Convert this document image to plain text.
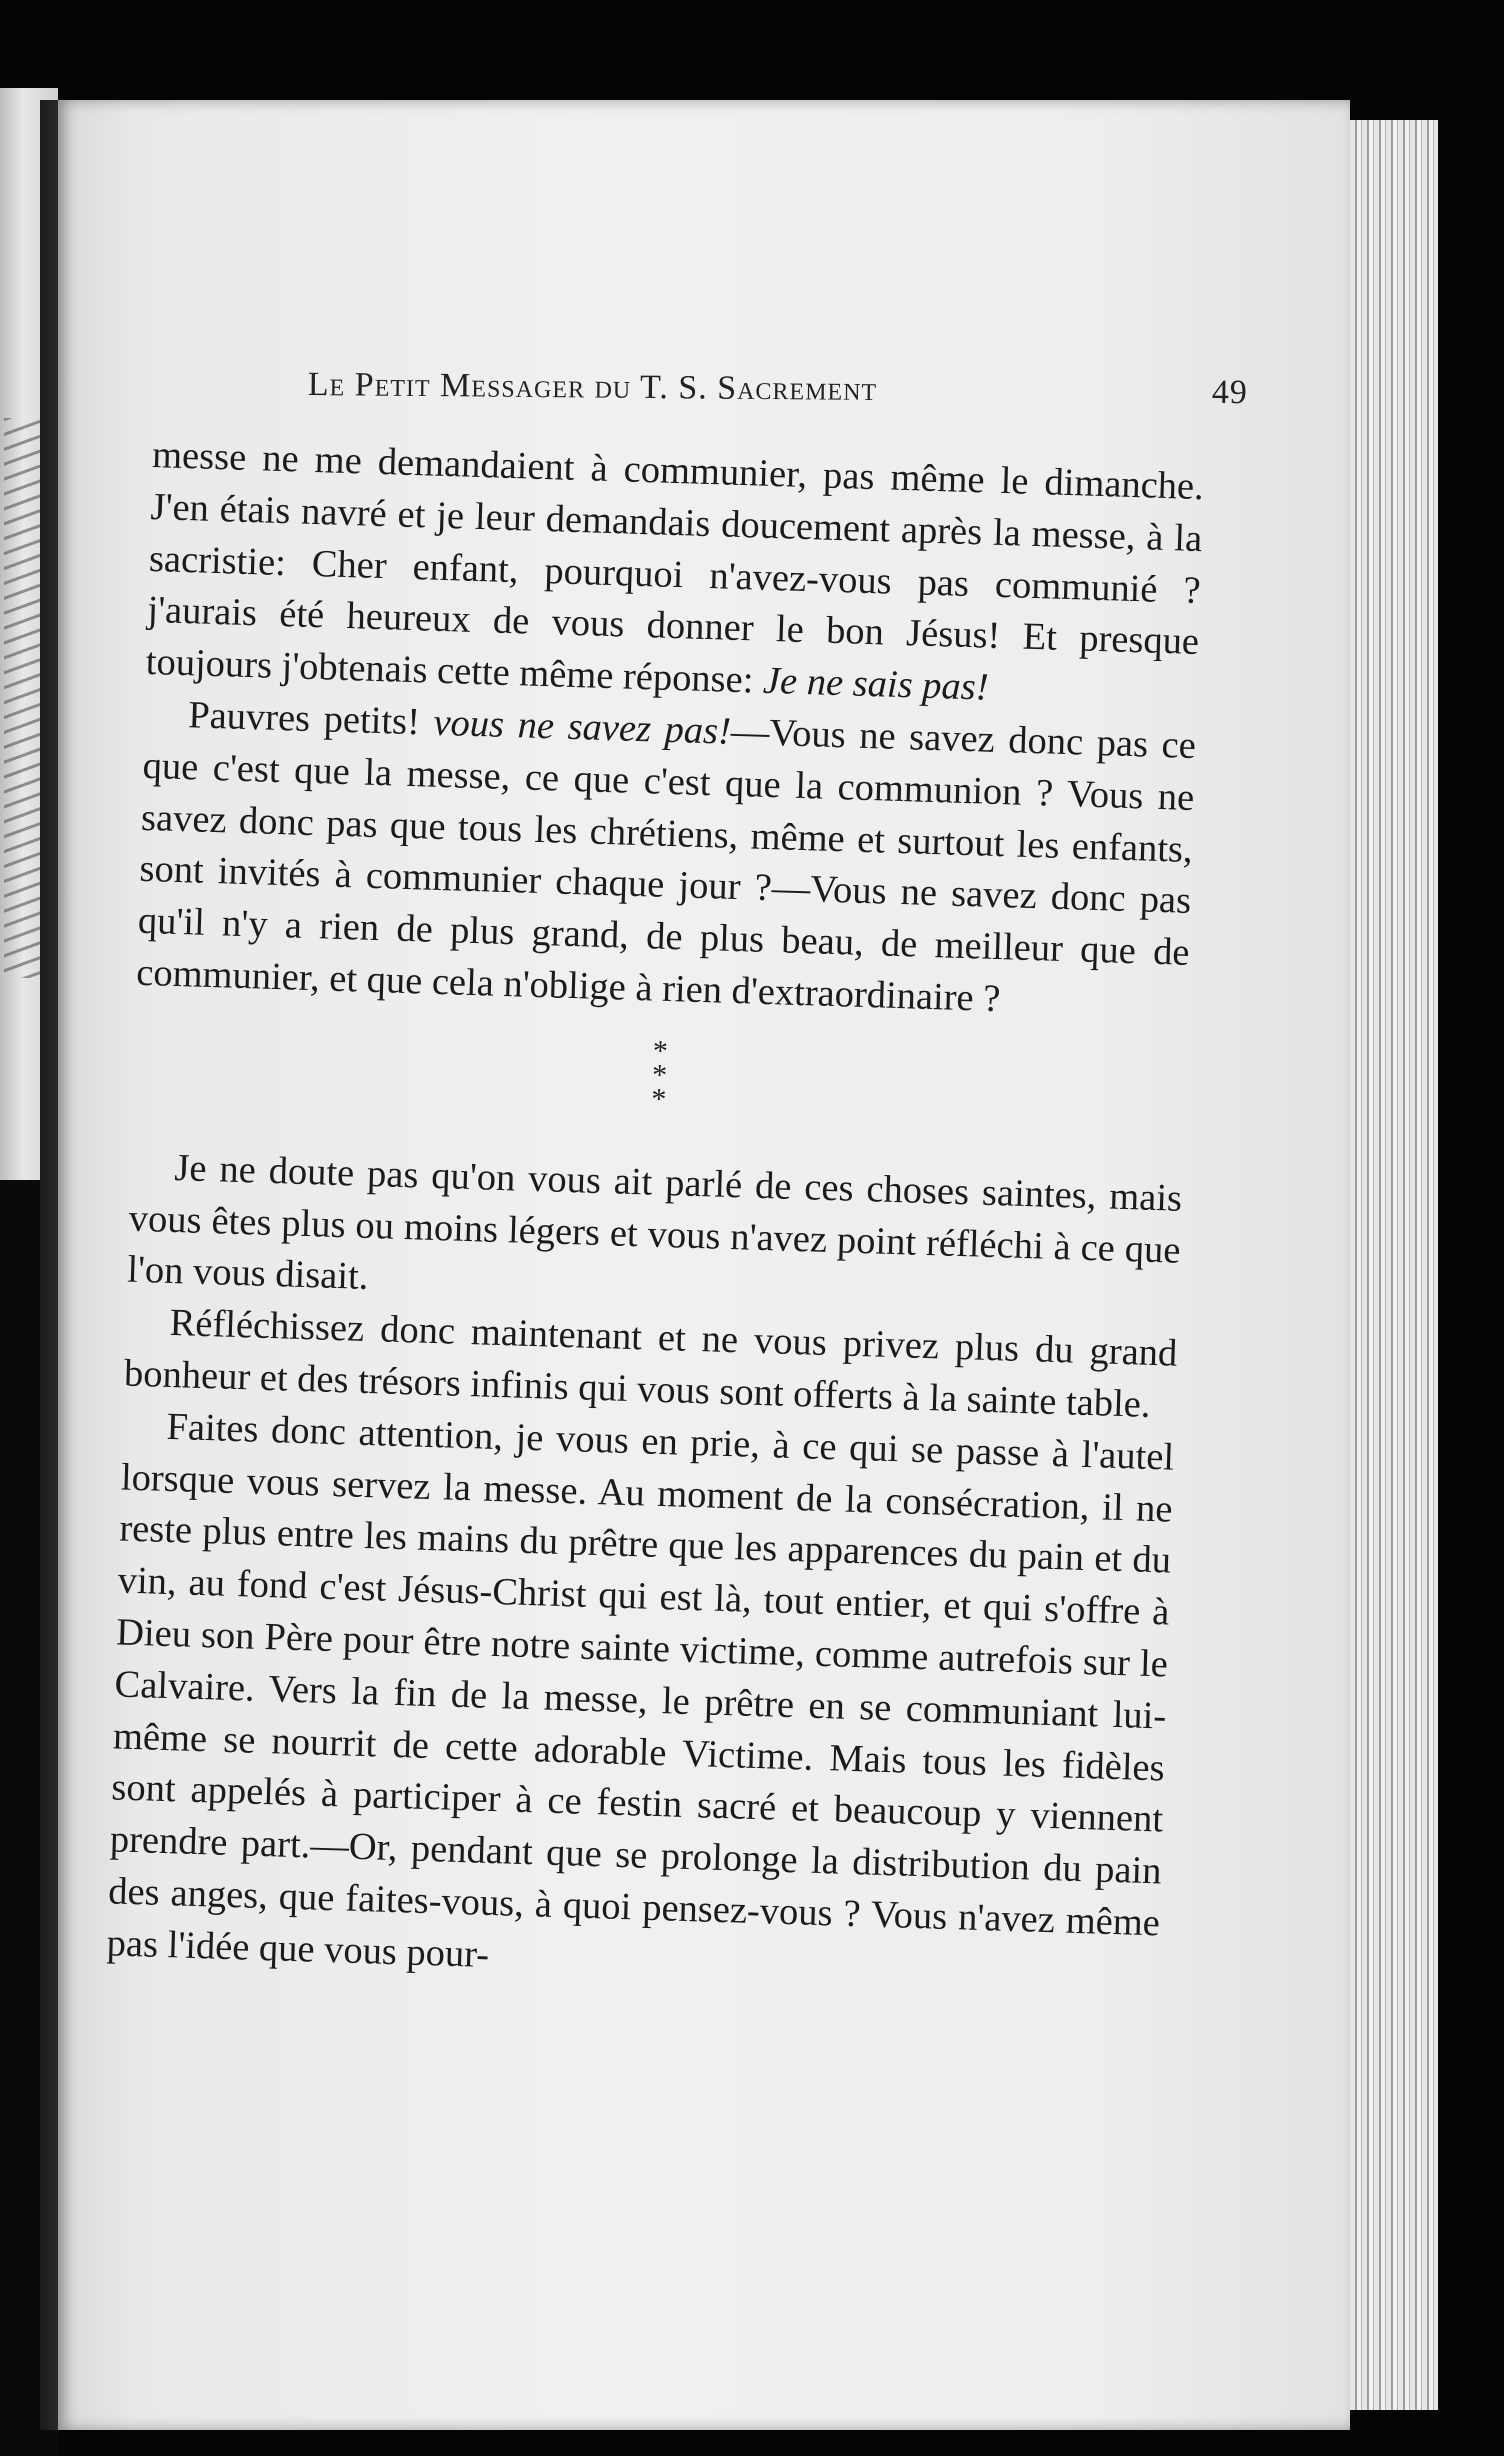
Le Petit Messager du T. S. Sacrement	49

messe ne me demandaient à communier, pas même le dimanche. J'en étais navré et je leur demandais doucement après la messe, à la sacristie: Cher enfant, pourquoi n'avez-vous pas communié ? j'aurais été heureux de vous donner le bon Jésus! Et presque toujours j'obtenais cette même réponse: Je ne sais pas!

Pauvres petits! vous ne savez pas!—Vous ne savez donc pas ce que c'est que la messe, ce que c'est que la communion ? Vous ne savez donc pas que tous les chrétiens, même et surtout les enfants, sont invités à communier chaque jour ?—Vous ne savez donc pas qu'il n'y a rien de plus grand, de plus beau, de meilleur que de communier, et que cela n'oblige à rien d'extraordinaire ?

*
*
*

Je ne doute pas qu'on vous ait parlé de ces choses saintes, mais vous êtes plus ou moins légers et vous n'avez point réfléchi à ce que l'on vous disait.

Réfléchissez donc maintenant et ne vous privez plus du grand bonheur et des trésors infinis qui vous sont offerts à la sainte table.

Faites donc attention, je vous en prie, à ce qui se passe à l'autel lorsque vous servez la messe. Au moment de la consécration, il ne reste plus entre les mains du prêtre que les apparences du pain et du vin, au fond c'est Jésus-Christ qui est là, tout entier, et qui s'offre à Dieu son Père pour être notre sainte victime, comme autrefois sur le Calvaire. Vers la fin de la messe, le prêtre en se communiant lui-même se nourrit de cette adorable Victime. Mais tous les fidèles sont appelés à participer à ce festin sacré et beaucoup y viennent prendre part.—Or, pendant que se prolonge la distribution du pain des anges, que faites-vous, à quoi pensez-vous ? Vous n'avez même pas l'idée que vous pour-
